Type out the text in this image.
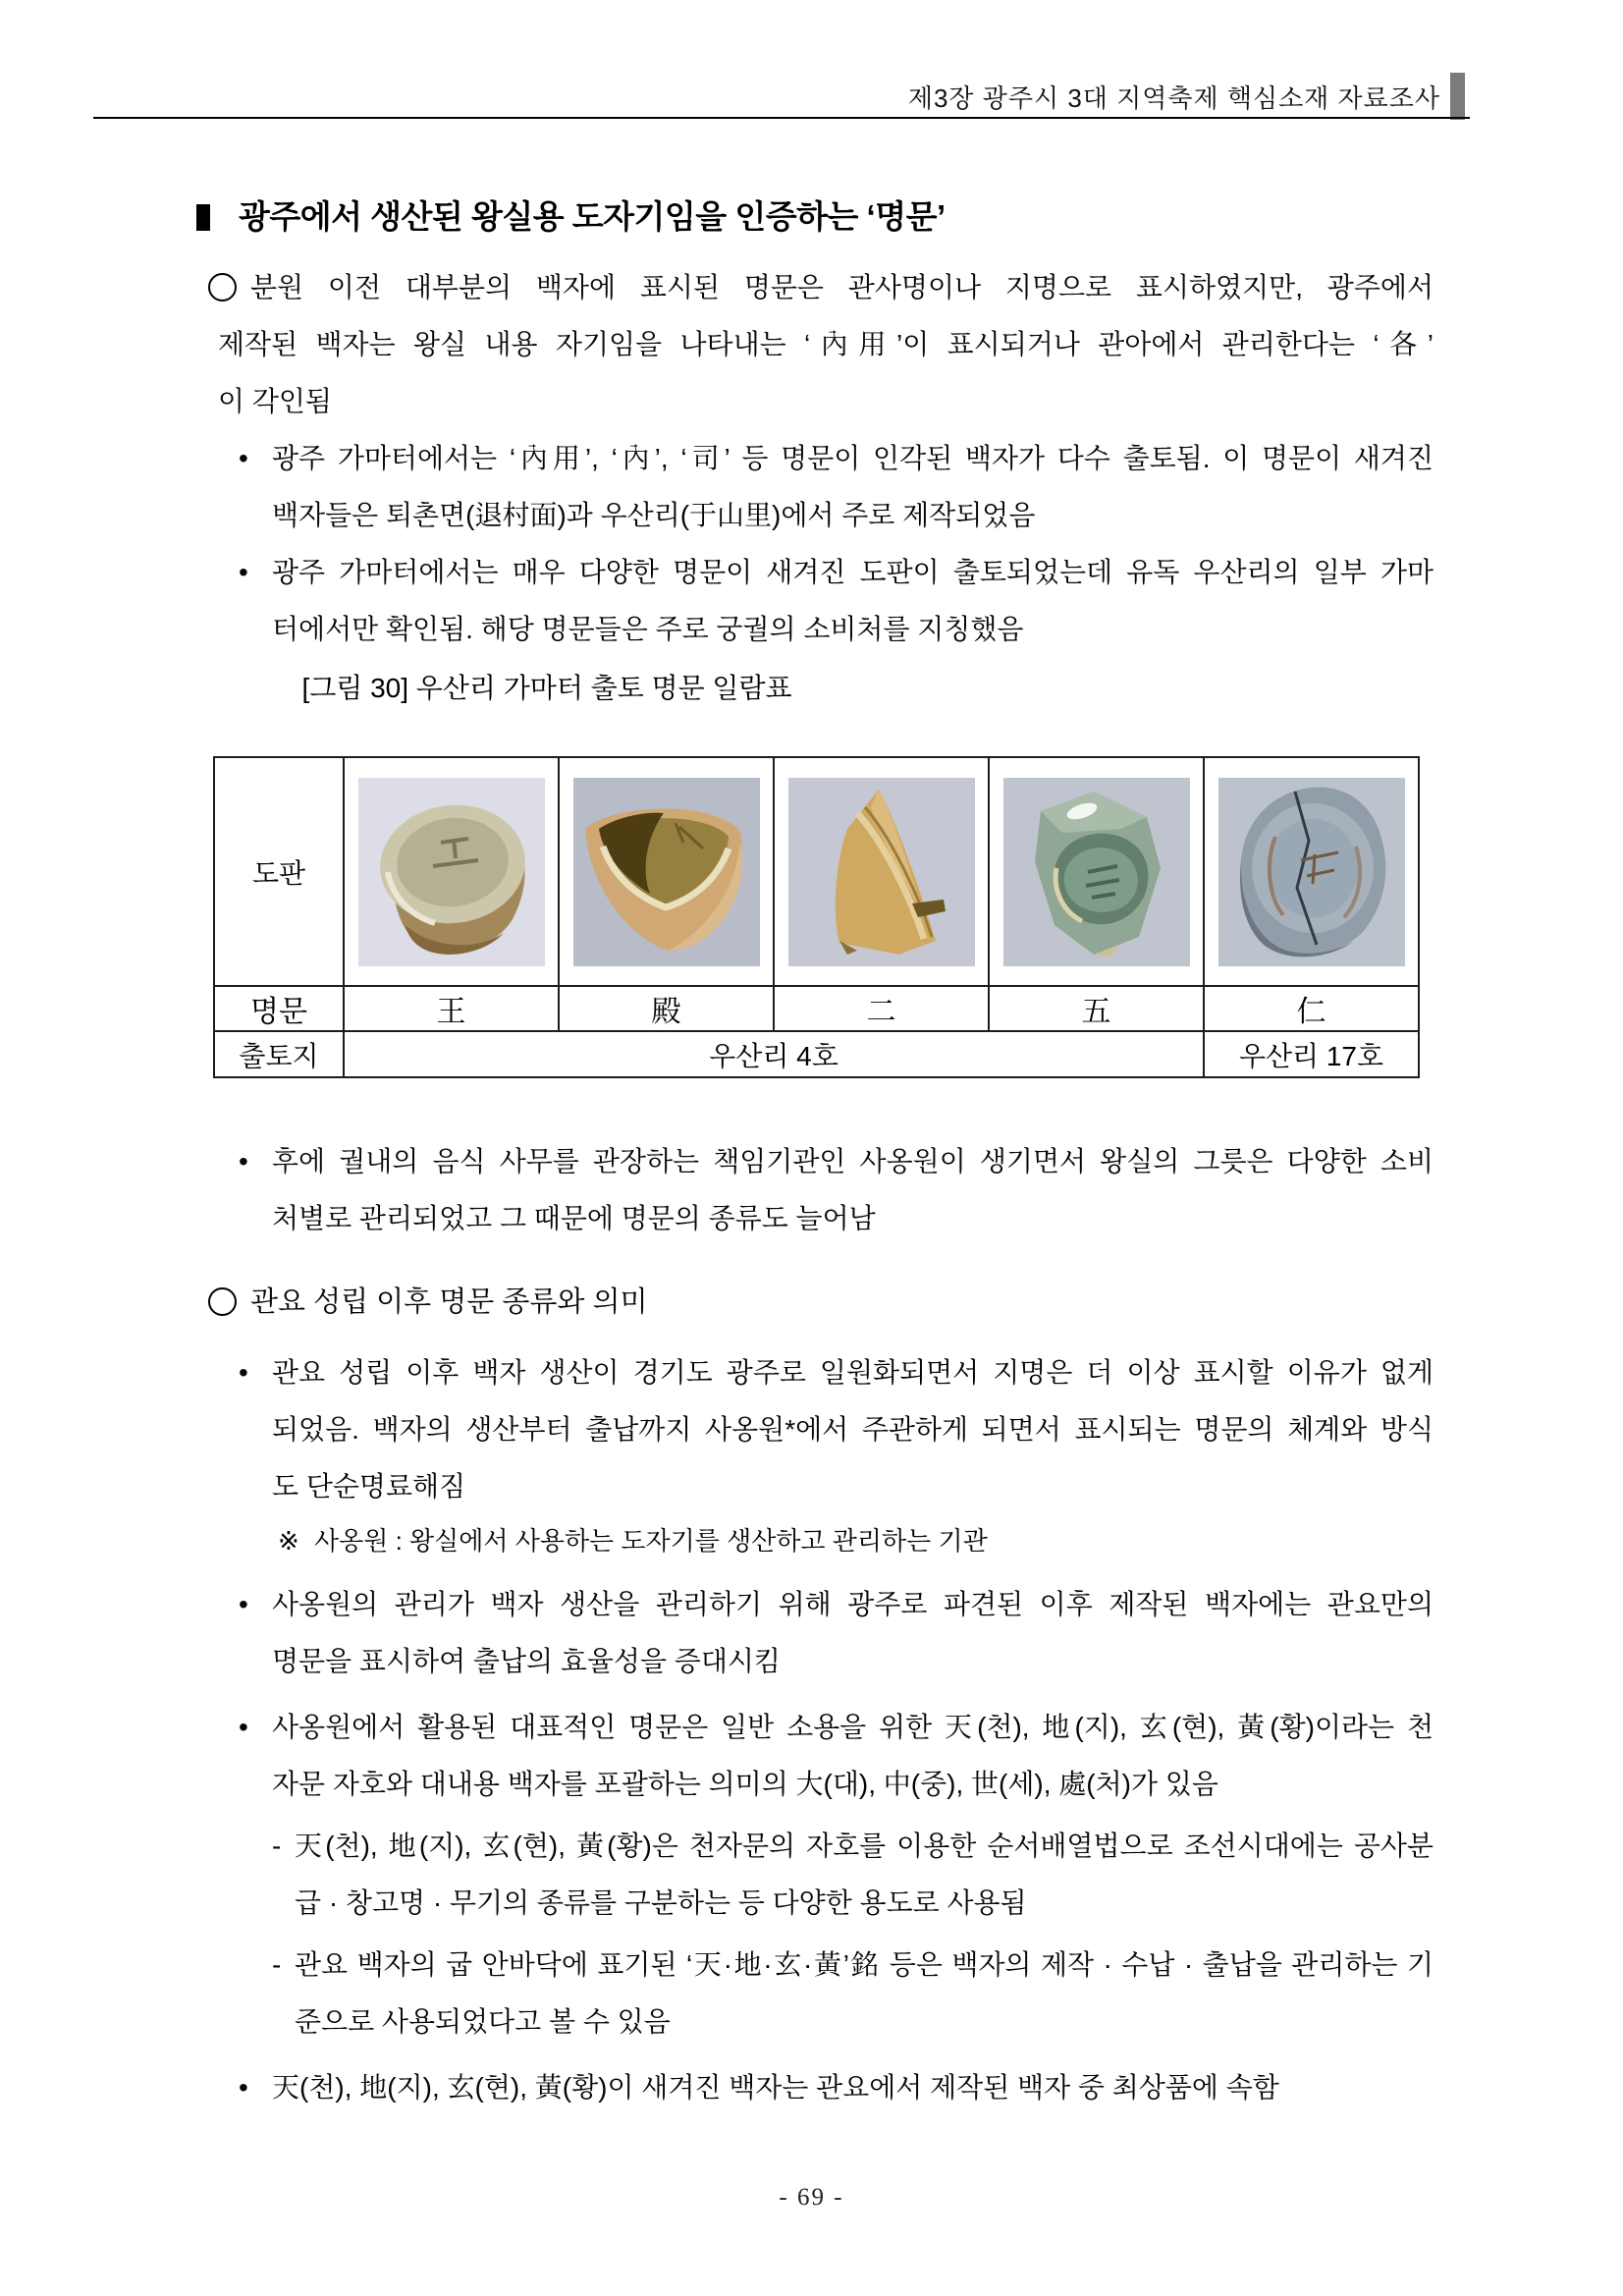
제3장 광주시 3대 지역축제 핵심소재 자료조사
광주에서 생산된 왕실용 도자기임을 인증하는 ‘명문’
분원 이전 대부분의 백자에 표시된 명문은 관사명이나 지명으로 표시하였지만, 광주에서
제작된 백자는 왕실 내용 자기임을 나타내는 ‘內用’이 표시되거나 관아에서 관리한다는 ‘各’
이 각인됨
• 광주 가마터에서는 ‘內用’, ‘內’, ‘司’ 등 명문이 인각된 백자가 다수 출토됨. 이 명문이 새겨진
백자들은 퇴촌면(退村面)과 우산리(于山里)에서 주로 제작되었음
• 광주 가마터에서는 매우 다양한 명문이 새겨진 도판이 출토되었는데 유독 우산리의 일부 가마
터에서만 확인됨. 해당 명문들은 주로 궁궐의 소비처를 지칭했음
[그림 30] 우산리 가마터 출토 명문 일람표
도판	

명문	王	殿	二	五	仁
출토지	우산리 4호				우산리 17호
• 후에 궐내의 음식 사무를 관장하는 책임기관인 사옹원이 생기면서 왕실의 그릇은 다양한 소비
처별로 관리되었고 그 때문에 명문의 종류도 늘어남
관요 성립 이후 명문 종류와 의미
• 관요 성립 이후 백자 생산이 경기도 광주로 일원화되면서 지명은 더 이상 표시할 이유가 없게
되었음. 백자의 생산부터 출납까지 사옹원*에서 주관하게 되면서 표시되는 명문의 체계와 방식
도 단순명료해짐
※ 사옹원 : 왕실에서 사용하는 도자기를 생산하고 관리하는 기관
• 사옹원의 관리가 백자 생산을 관리하기 위해 광주로 파견된 이후 제작된 백자에는 관요만의
명문을 표시하여 출납의 효율성을 증대시킴
• 사옹원에서 활용된 대표적인 명문은 일반 소용을 위한 天(천), 地(지), 玄(현), 黃(황)이라는 천
자문 자호와 대내용 백자를 포괄하는 의미의 大(대), 中(중), 世(세), 處(처)가 있음
- 天(천), 地(지), 玄(현), 黃(황)은 천자문의 자호를 이용한 순서배열법으로 조선시대에는 공사분
급 · 창고명 · 무기의 종류를 구분하는 등 다양한 용도로 사용됨
- 관요 백자의 굽 안바닥에 표기된 ‘天·地·玄·黃’銘 등은 백자의 제작 · 수납 · 출납을 관리하는 기
준으로 사용되었다고 볼 수 있음
• 天(천), 地(지), 玄(현), 黃(황)이 새겨진 백자는 관요에서 제작된 백자 중 최상품에 속함
- 69 -
